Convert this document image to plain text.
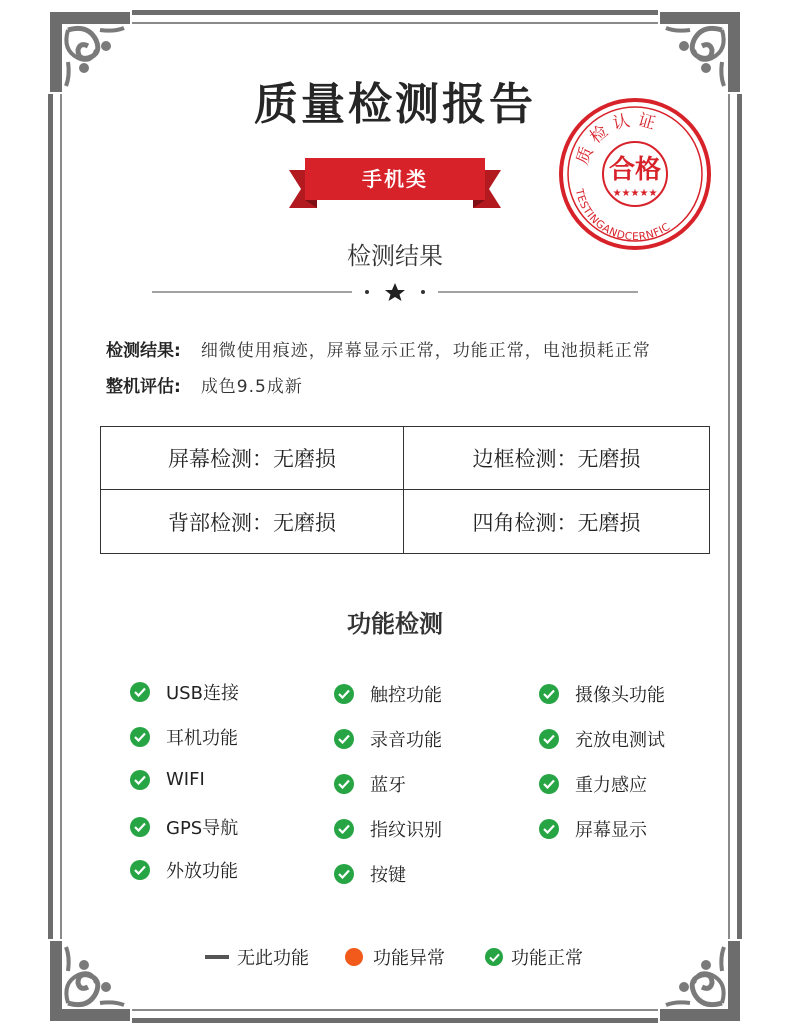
质量检测报告
手机类
质检认证
合格
★★★★★
TESTINGANDCERNFIC
检测结果
检测结果: 细微使用痕迹，屏幕显示正常，功能正常，电池损耗正常
整机评估: 成色9.5成新
屏幕检测：无磨损	边框检测：无磨损
背部检测：无磨损	四角检测：无磨损
功能检测
USB连接
耳机功能
WIFI
GPS导航
外放功能
触控功能
录音功能
蓝牙
指纹识别
按键
摄像头功能
充放电测试
重力感应
屏幕显示
无此功能	功能异常	功能正常
